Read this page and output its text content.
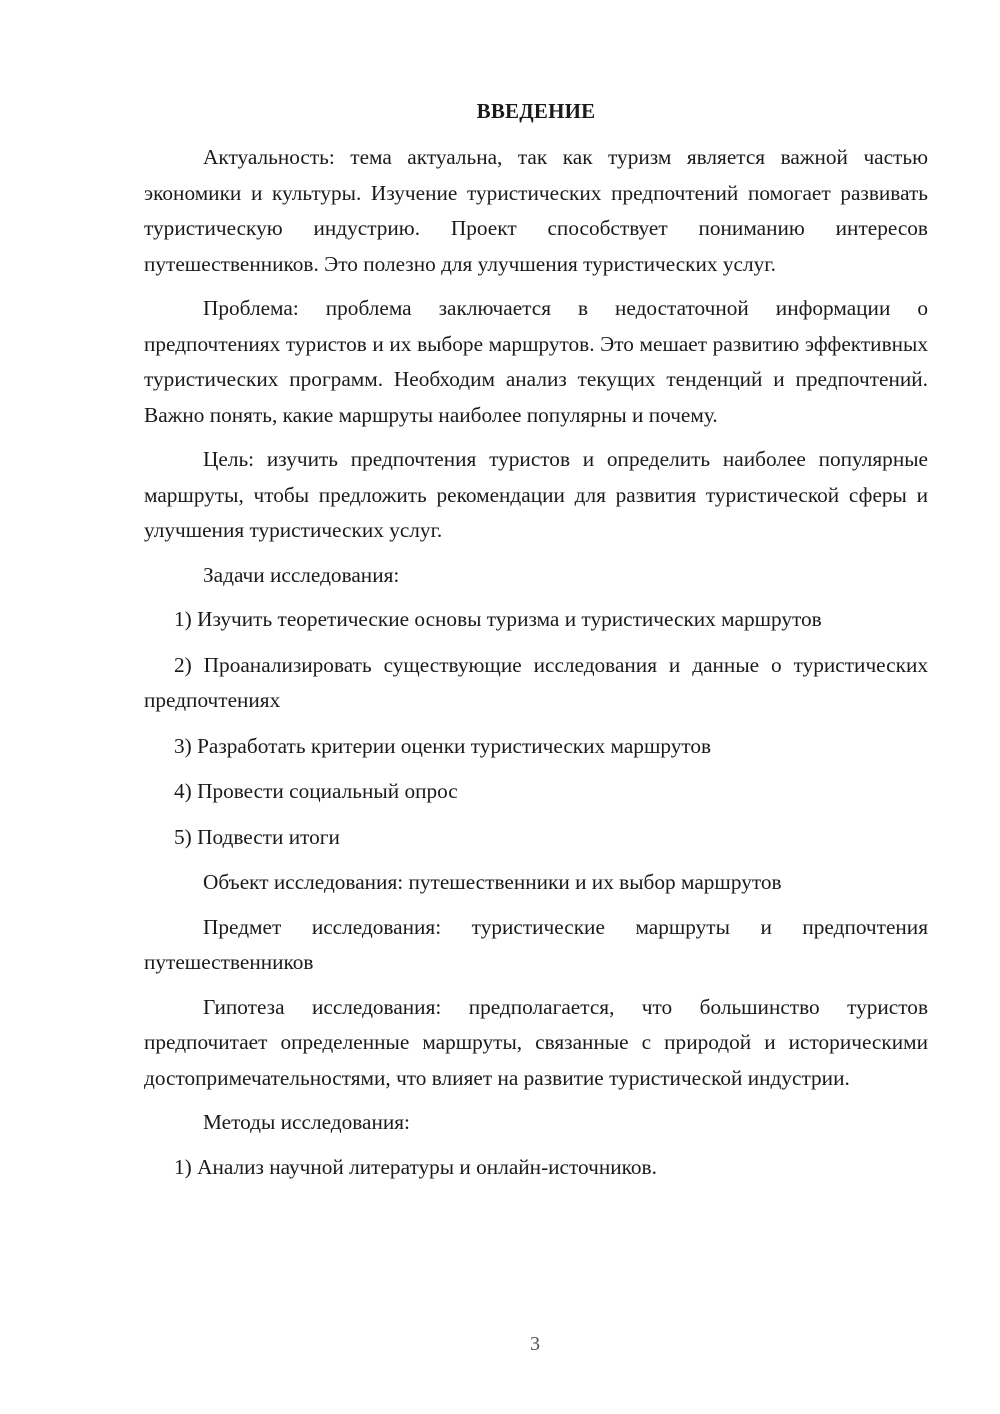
ВВЕДЕНИЕ

Актуальность: тема актуальна, так как туризм является важной частью экономики и культуры. Изучение туристических предпочтений помогает развивать туристическую индустрию. Проект способствует пониманию интересов путешественников. Это полезно для улучшения туристических услуг.

Проблема: проблема заключается в недостаточной информации о предпочтениях туристов и их выборе маршрутов. Это мешает развитию эффективных туристических программ. Необходим анализ текущих тенденций и предпочтений. Важно понять, какие маршруты наиболее популярны и почему.

Цель: изучить предпочтения туристов и определить наиболее популярные маршруты, чтобы предложить рекомендации для развития туристической сферы и улучшения туристических услуг.

Задачи исследования:

1) Изучить теоретические основы туризма и туристических маршрутов

2) Проанализировать существующие исследования и данные о туристических предпочтениях

3) Разработать критерии оценки туристических маршрутов

4) Провести социальный опрос

5) Подвести итоги

Объект исследования: путешественники и их выбор маршрутов

Предмет исследования: туристические маршруты и предпочтения путешественников

Гипотеза исследования: предполагается, что большинство туристов предпочитает определенные маршруты, связанные с природой и историческими достопримечательностями, что влияет на развитие туристической индустрии.

Методы исследования:

1) Анализ научной литературы и онлайн-источников.

3
